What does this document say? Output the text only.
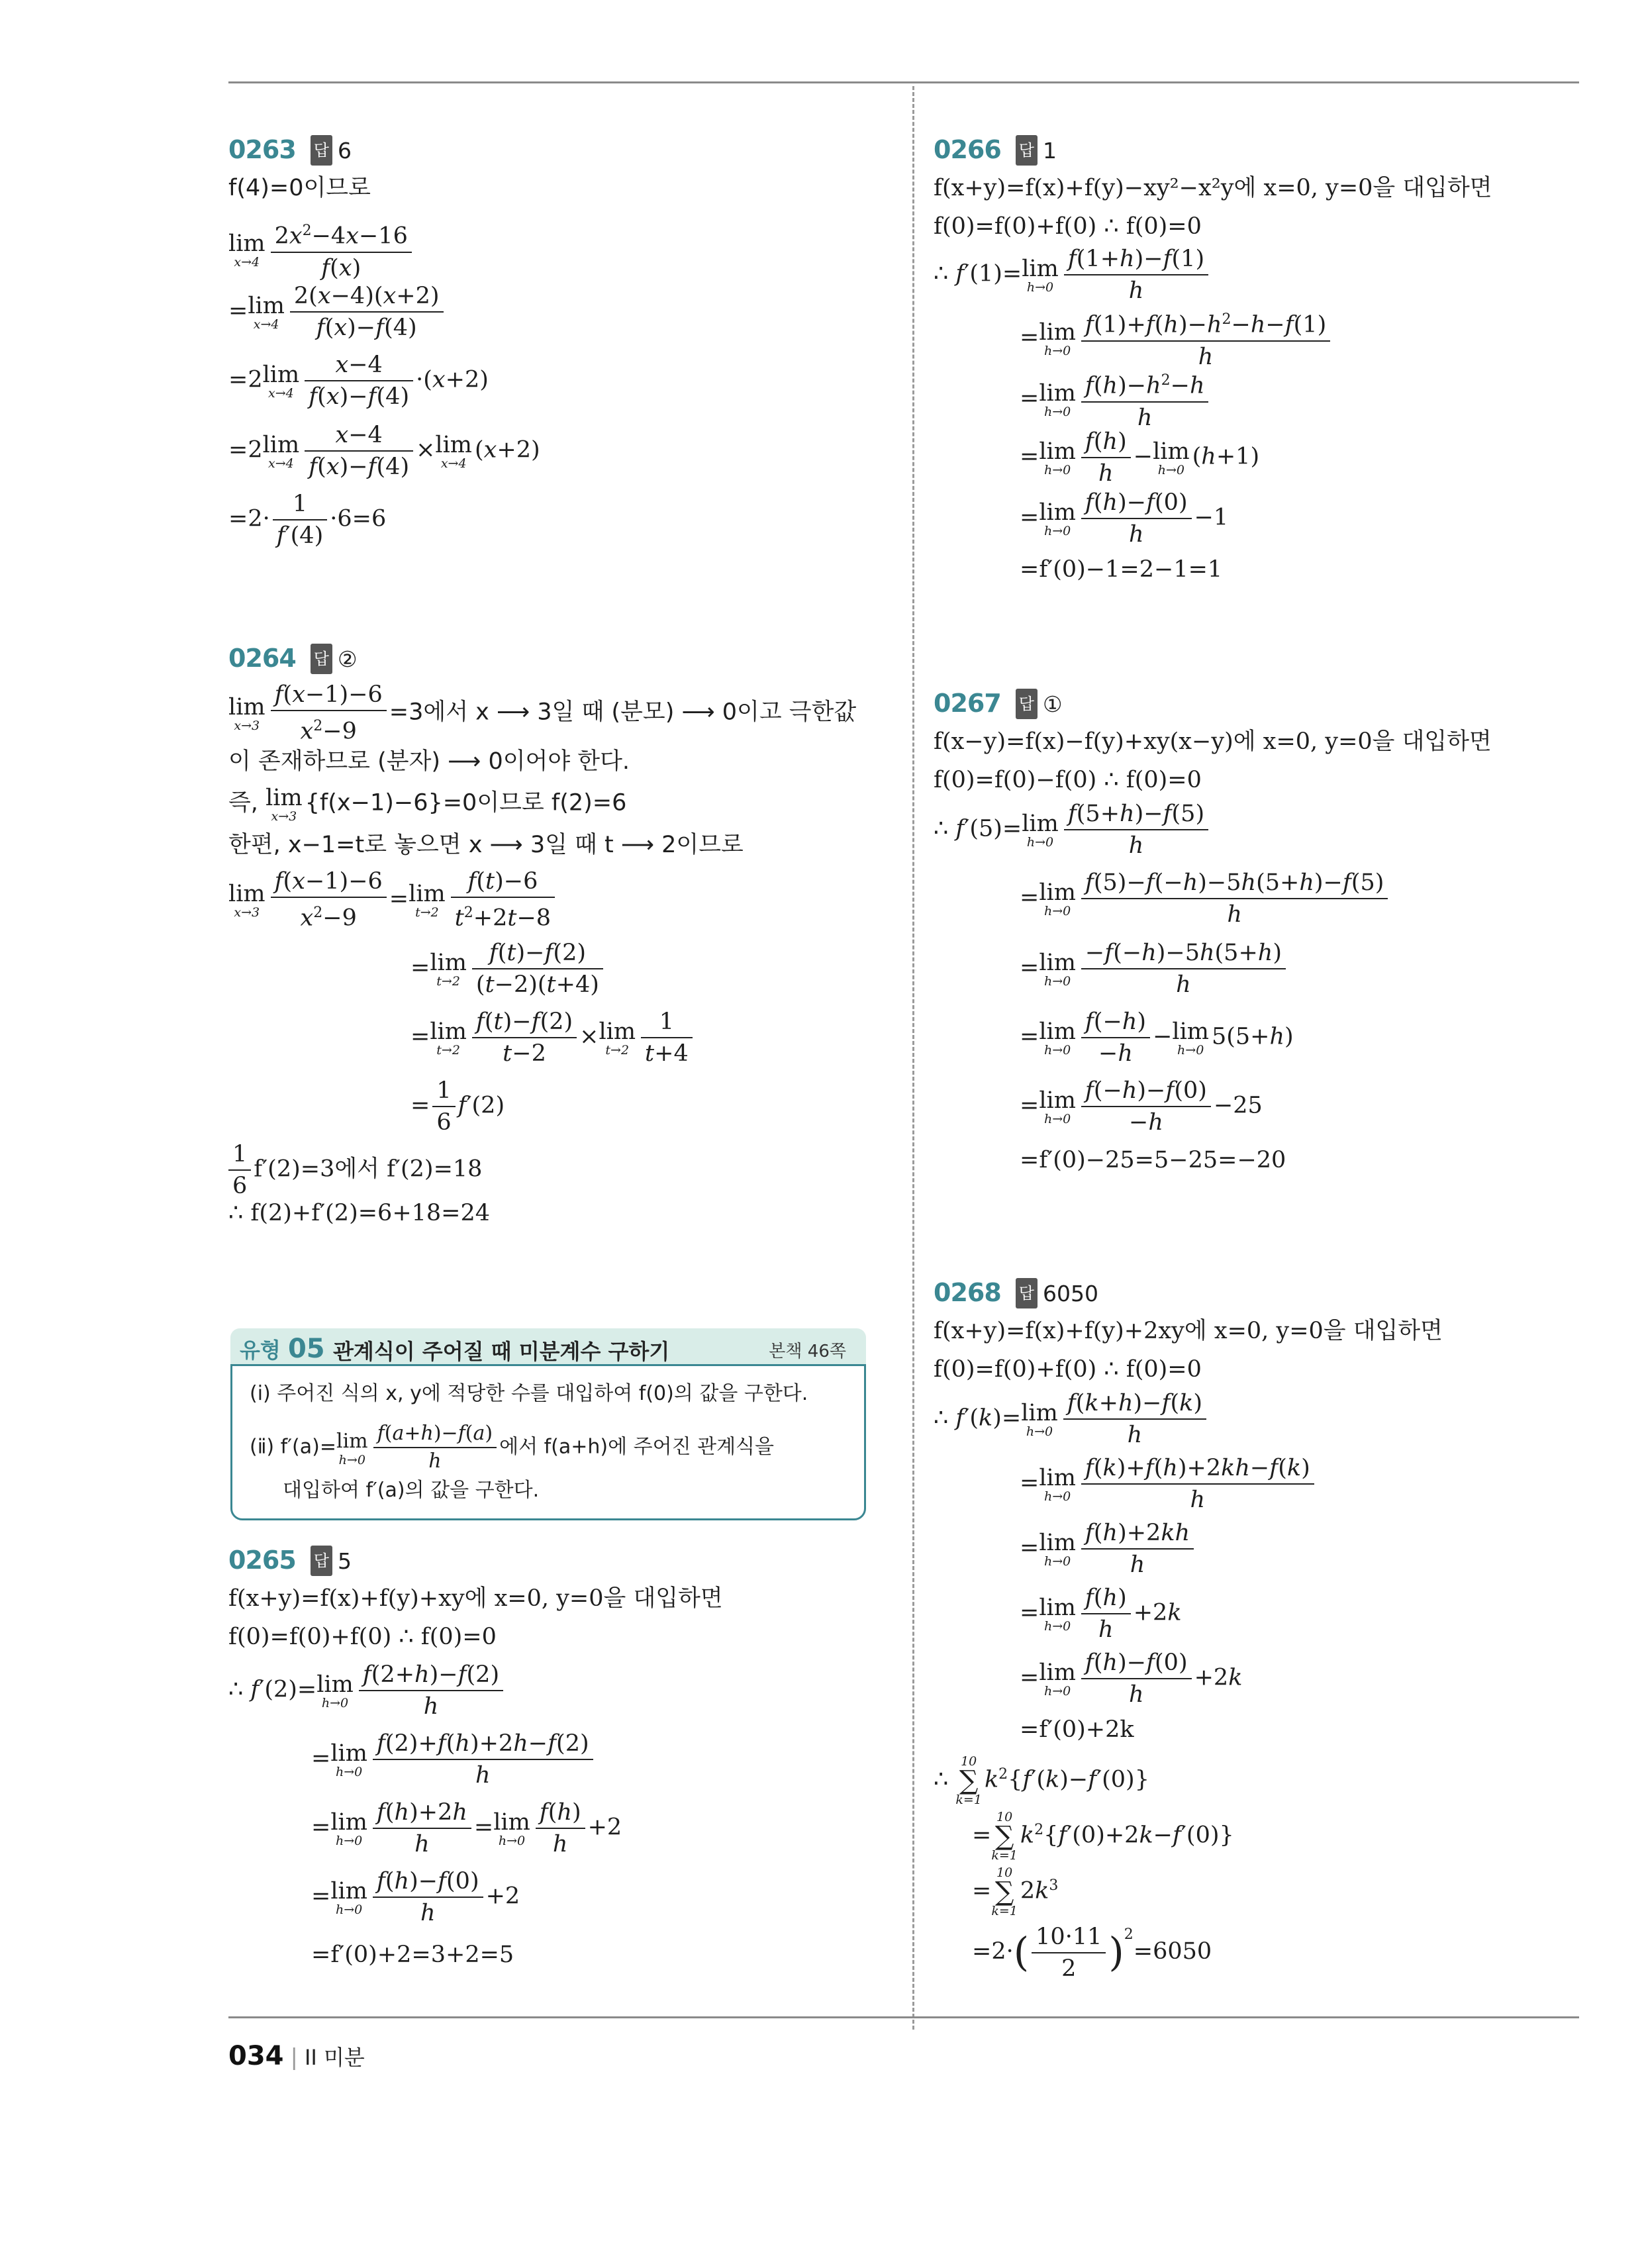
0263 답 6
f(4)=0이므로
lim
$x\to 4 \frac{2x^2-4x-16}{f(x)}$
= lim
$x\to 4 \frac{2(x-4)(x+2)}{f(x)-f(4)}$
=2 lim
$x\to 4 \frac{x-4}{f(x)-f(4)} \cdot(x+2)$
=2 lim
$x\to 4 \frac{x-4}{f(x)-f(4)} \times \lim$
x→4
(x+2)
$=2\cdot \frac{1}{f'(4)} \cdot 6=6$
0264 답 ②
lim
$x\to 3 \frac{f(x-1)-6}{x^2-9} =3$에서 x ⟶ 3일 때 (분모) ⟶ 0이고 극한값
이 존재하므로 (분자) ⟶ 0이어야 한다.
즉, lim
x→3
{f(x−1)−6}=0이므로 f(2)=6
한편, x−1=t로 놓으면 x ⟶ 3일 때 t ⟶ 2이므로
lim
$x\to 3 \frac{f(x-1)-6}{x^2-9} = \lim$
$t\to 2 \frac{f(t)-6}{t^2+2t-8}$
= lim
$t\to 2 \frac{f(t)-f(2)}{(t-2)(t+4)}$
= lim
$t\to 2 \frac{f(t)-f(2)}{t-2} \times \lim$
$t\to 2 \frac{1}{t+4}$
= $\frac{1}{6} f'(2)$
$\frac{1}{6} f'(2)=3$에서 f′(2)=18
∴ f(2)+f′(2)=6+18=24
유형 05 관계식이 주어질 때 미분계수 구하기	본책 46쪽
(ⅰ) 주어진 식의 x, y에 적당한 수를 대입하여 f(0)의 값을 구한다.
(ⅱ) f′(a)= lim
$h\to 0 \frac{f(a+h)-f(a)}{h}$ 에서 f(a+h)에 주어진 관계식을
대입하여 f′(a)의 값을 구한다.
0265 답 5
f(x+y)=f(x)+f(y)+xy에 x=0, y=0을 대입하면
f(0)=f(0)+f(0) ∴ f(0)=0
∴ f′(2)= lim
$h\to 0 \frac{f(2+h)-f(2)}{h}$
= lim
$h\to 0 \frac{f(2)+f(h)+2h-f(2)}{h}$
= lim
$h\to 0 \frac{f(h)+2h}{h} = \lim$
$h\to 0 \frac{f(h)}{h} +2$
= lim
$h\to 0 \frac{f(h)-f(0)}{h} +2$
=f′(0)+2=3+2=5
0266 답 1
f(x+y)=f(x)+f(y)−xy²−x²y에 x=0, y=0을 대입하면
f(0)=f(0)+f(0) ∴ f(0)=0
∴ f′(1)= lim
$h\to 0 \frac{f(1+h)-f(1)}{h}$
= lim
$h\to 0 \frac{f(1)+f(h)-h^2-h-f(1)}{h}$
= lim
$h\to 0 \frac{f(h)-h^2-h}{h}$
= lim
$h\to 0 \frac{f(h)}{h} - \lim$
h→0
(h+1)
= lim
$h\to 0 \frac{f(h)-f(0)}{h} -1$
=f′(0)−1=2−1=1
0267 답 ①
f(x−y)=f(x)−f(y)+xy(x−y)에 x=0, y=0을 대입하면
f(0)=f(0)−f(0) ∴ f(0)=0
∴ f′(5)= lim
$h\to 0 \frac{f(5+h)-f(5)}{h}$
= lim
$h\to 0 \frac{f(5)-f(-h)-5h(5+h)-f(5)}{h}$
= lim
$h\to 0 \frac{-f(-h)-5h(5+h)}{h}$
= lim
$h\to 0 \frac{f(-h)}{-h} - \lim$
h→0
5(5+h)
= lim
$h\to 0 \frac{f(-h)-f(0)}{-h} -25$
=f′(0)−25=5−25=−20
0268 답 6050
f(x+y)=f(x)+f(y)+2xy에 x=0, y=0을 대입하면
f(0)=f(0)+f(0) ∴ f(0)=0
∴ f′(k)= lim
$h\to 0 \frac{f(k+h)-f(k)}{h}$
= lim
$h\to 0 \frac{f(k)+f(h)+2kh-f(k)}{h}$
= lim
$h\to 0 \frac{f(h)+2kh}{h}$
= lim
$h\to 0 \frac{f(h)}{h} +2k$
= lim
$h\to 0 \frac{f(h)-f(0)}{h} +2k$
=f′(0)+2k
∴
10
∑
k=1
$k^2\{f'(k)-f'(0)\}$
=
10
∑
k=1
$k^2\{f'(0)+2k-f'(0)\}$
=
10
∑
k=1
$2k^3$
$=2\cdot( \frac{10\cdot 11}{2} )^2=6050$
034 | II 미분
